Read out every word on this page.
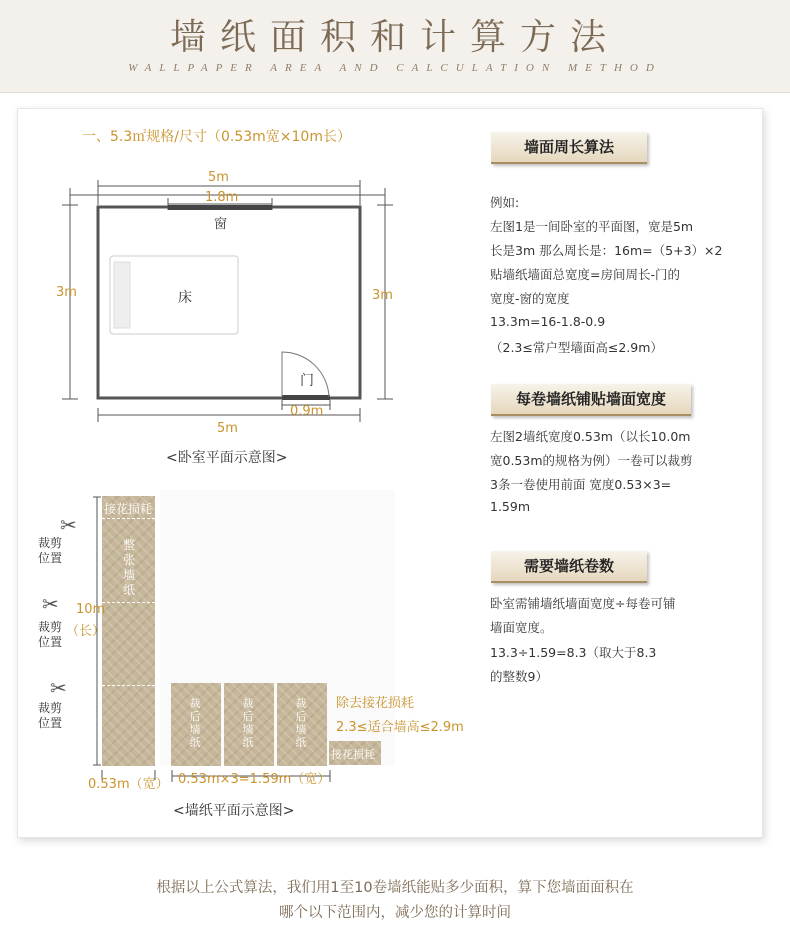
墙纸面积和计算方法
WALLPAPER AREA AND CALCULATION METHOD
一、5.3㎡规格/尺寸（0.53m宽×10m长）
5m
1.8m
窗
3m	3m
床
门
0.9m
5m
<卧室平面示意图>
墙面周长算法
例如:
左图1是一间卧室的平面图，宽是5m
长是3m 那么周长是：16m=（5+3）×2
贴墙纸墙面总宽度=房间周长-门的
宽度-窗的宽度
13.3m=16-1.8-0.9
（2.3≤常户型墙面高≤2.9m）
每卷墙纸铺贴墙面宽度
左图2墙纸宽度0.53m（以长10.0m
宽0.53m的规格为例）一卷可以裁剪
3条一卷使用前面 宽度0.53×3=
1.59m
需要墙纸卷数
卧室需铺墙纸墙面宽度÷每卷可铺
墙面宽度。
13.3÷1.59=8.3（取大于8.3
的整数9）
接花损耗
整张墙纸
✂
裁剪位置
✂
裁剪位置
✂
裁剪位置
10m
（长）
0.53m（宽）
裁后墙纸
裁后墙纸
裁后墙纸
除去接花损耗
2.3≤适合墙高≤2.9m
接花损耗
0.53m×3=1.59m（宽）
<墙纸平面示意图>
根据以上公式算法，我们用1至10卷墙纸能贴多少面积，算下您墙面面积在
哪个以下范围内，减少您的计算时间
